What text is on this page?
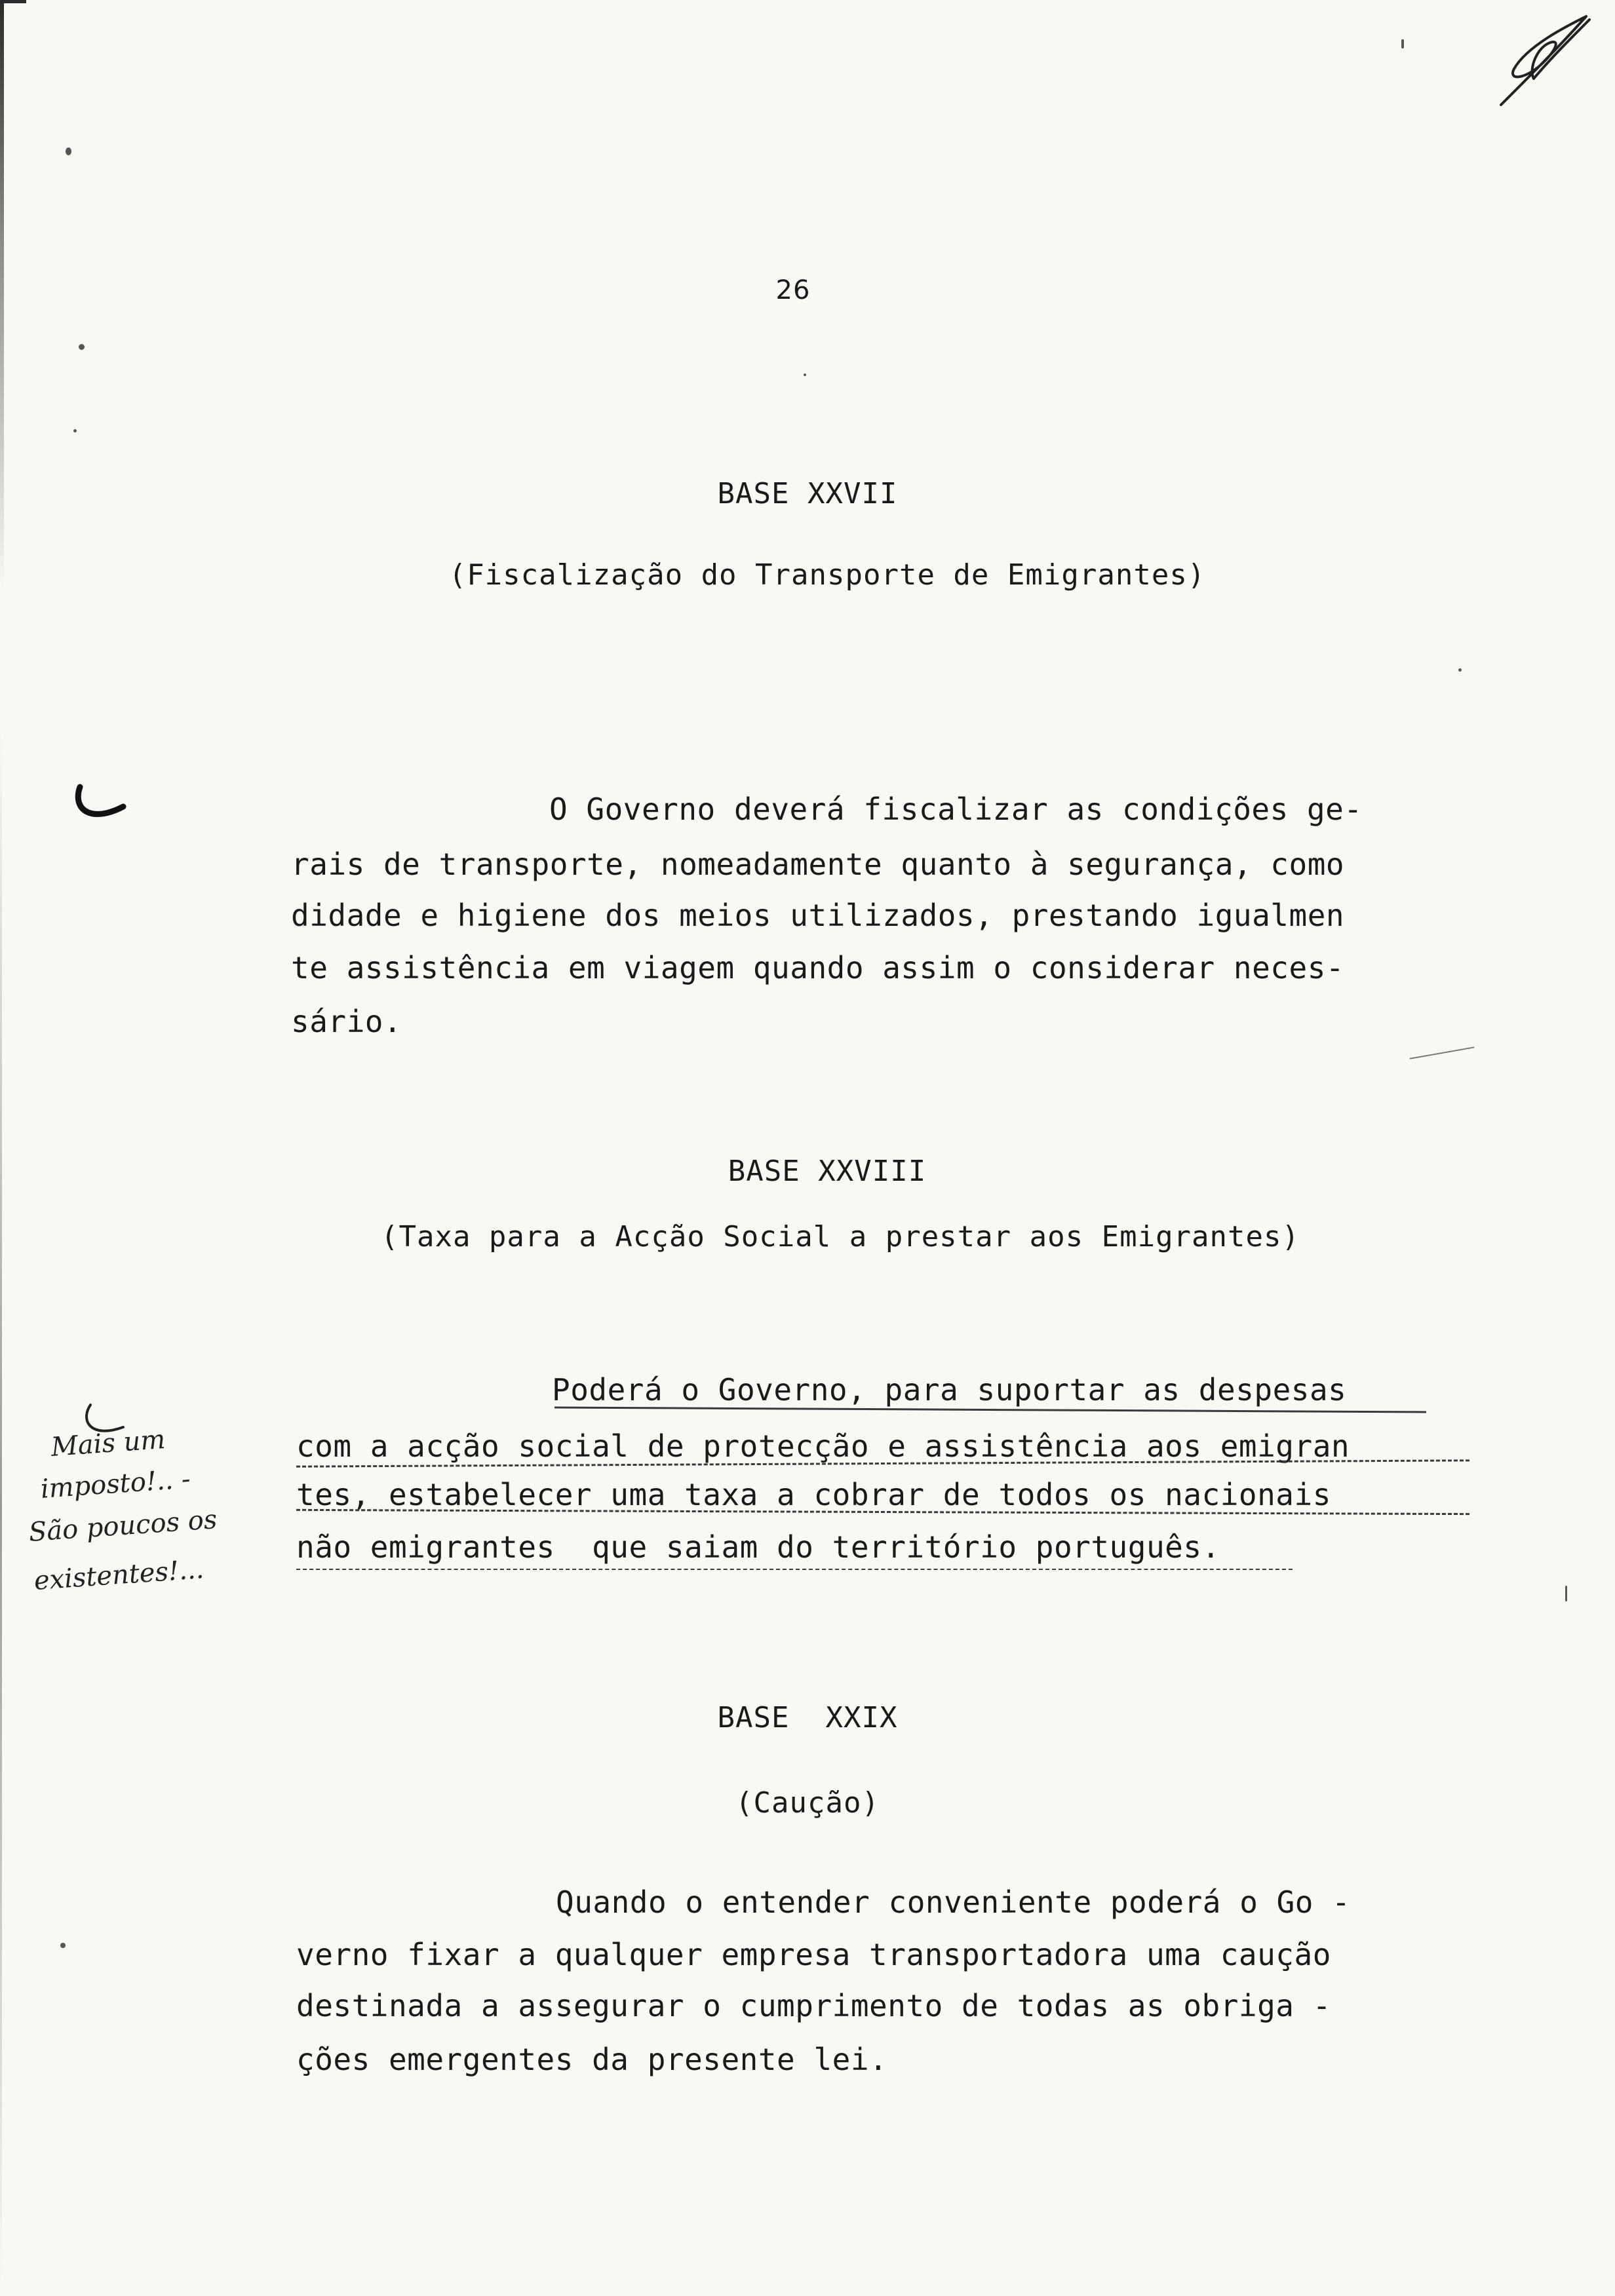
26
BASE XXVII
(Fiscalização do Transporte de Emigrantes)
O Governo deverá fiscalizar as condições ge-
rais de transporte, nomeadamente quanto à segurança, como
didade e higiene dos meios utilizados, prestando igualmen
te assistência em viagem quando assim o considerar neces-
sário.
BASE XXVIII
(Taxa para a Acção Social a prestar aos Emigrantes)
Poderá o Governo, para suportar as despesas
com a acção social de protecção e assistência aos emigran
tes, estabelecer uma taxa a cobrar de todos os nacionais
não emigrantes  que saiam do território português.
Mais um
imposto!.. -
São poucos os
existentes!...
BASE  XXIX
(Caução)
Quando o entender conveniente poderá o Go -
verno fixar a qualquer empresa transportadora uma caução
destinada a assegurar o cumprimento de todas as obriga -
ções emergentes da presente lei.
